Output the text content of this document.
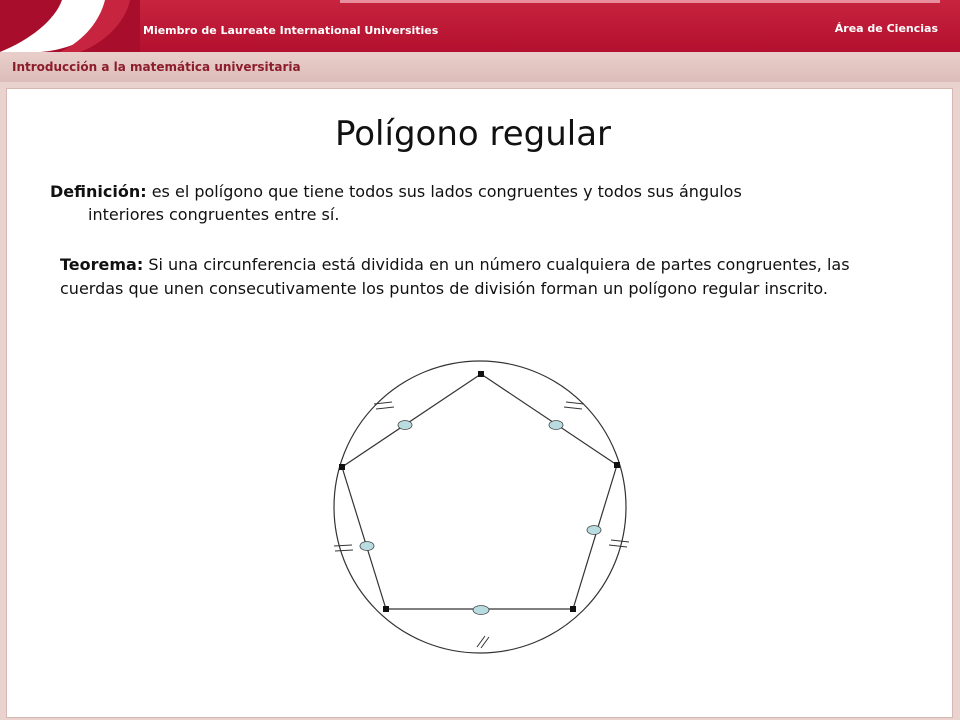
Miembro de Laureate International Universities	Área de Ciencias
Introducción a la matemática universitaria
Polígono regular
Definición: es el polígono que tiene todos sus lados congruentes y todos sus ángulos
interiores congruentes entre sí.
Teorema: Si una circunferencia está dividida en un número cualquiera de partes congruentes, las cuerdas que unen consecutivamente los puntos de división forman un polígono regular inscrito.
